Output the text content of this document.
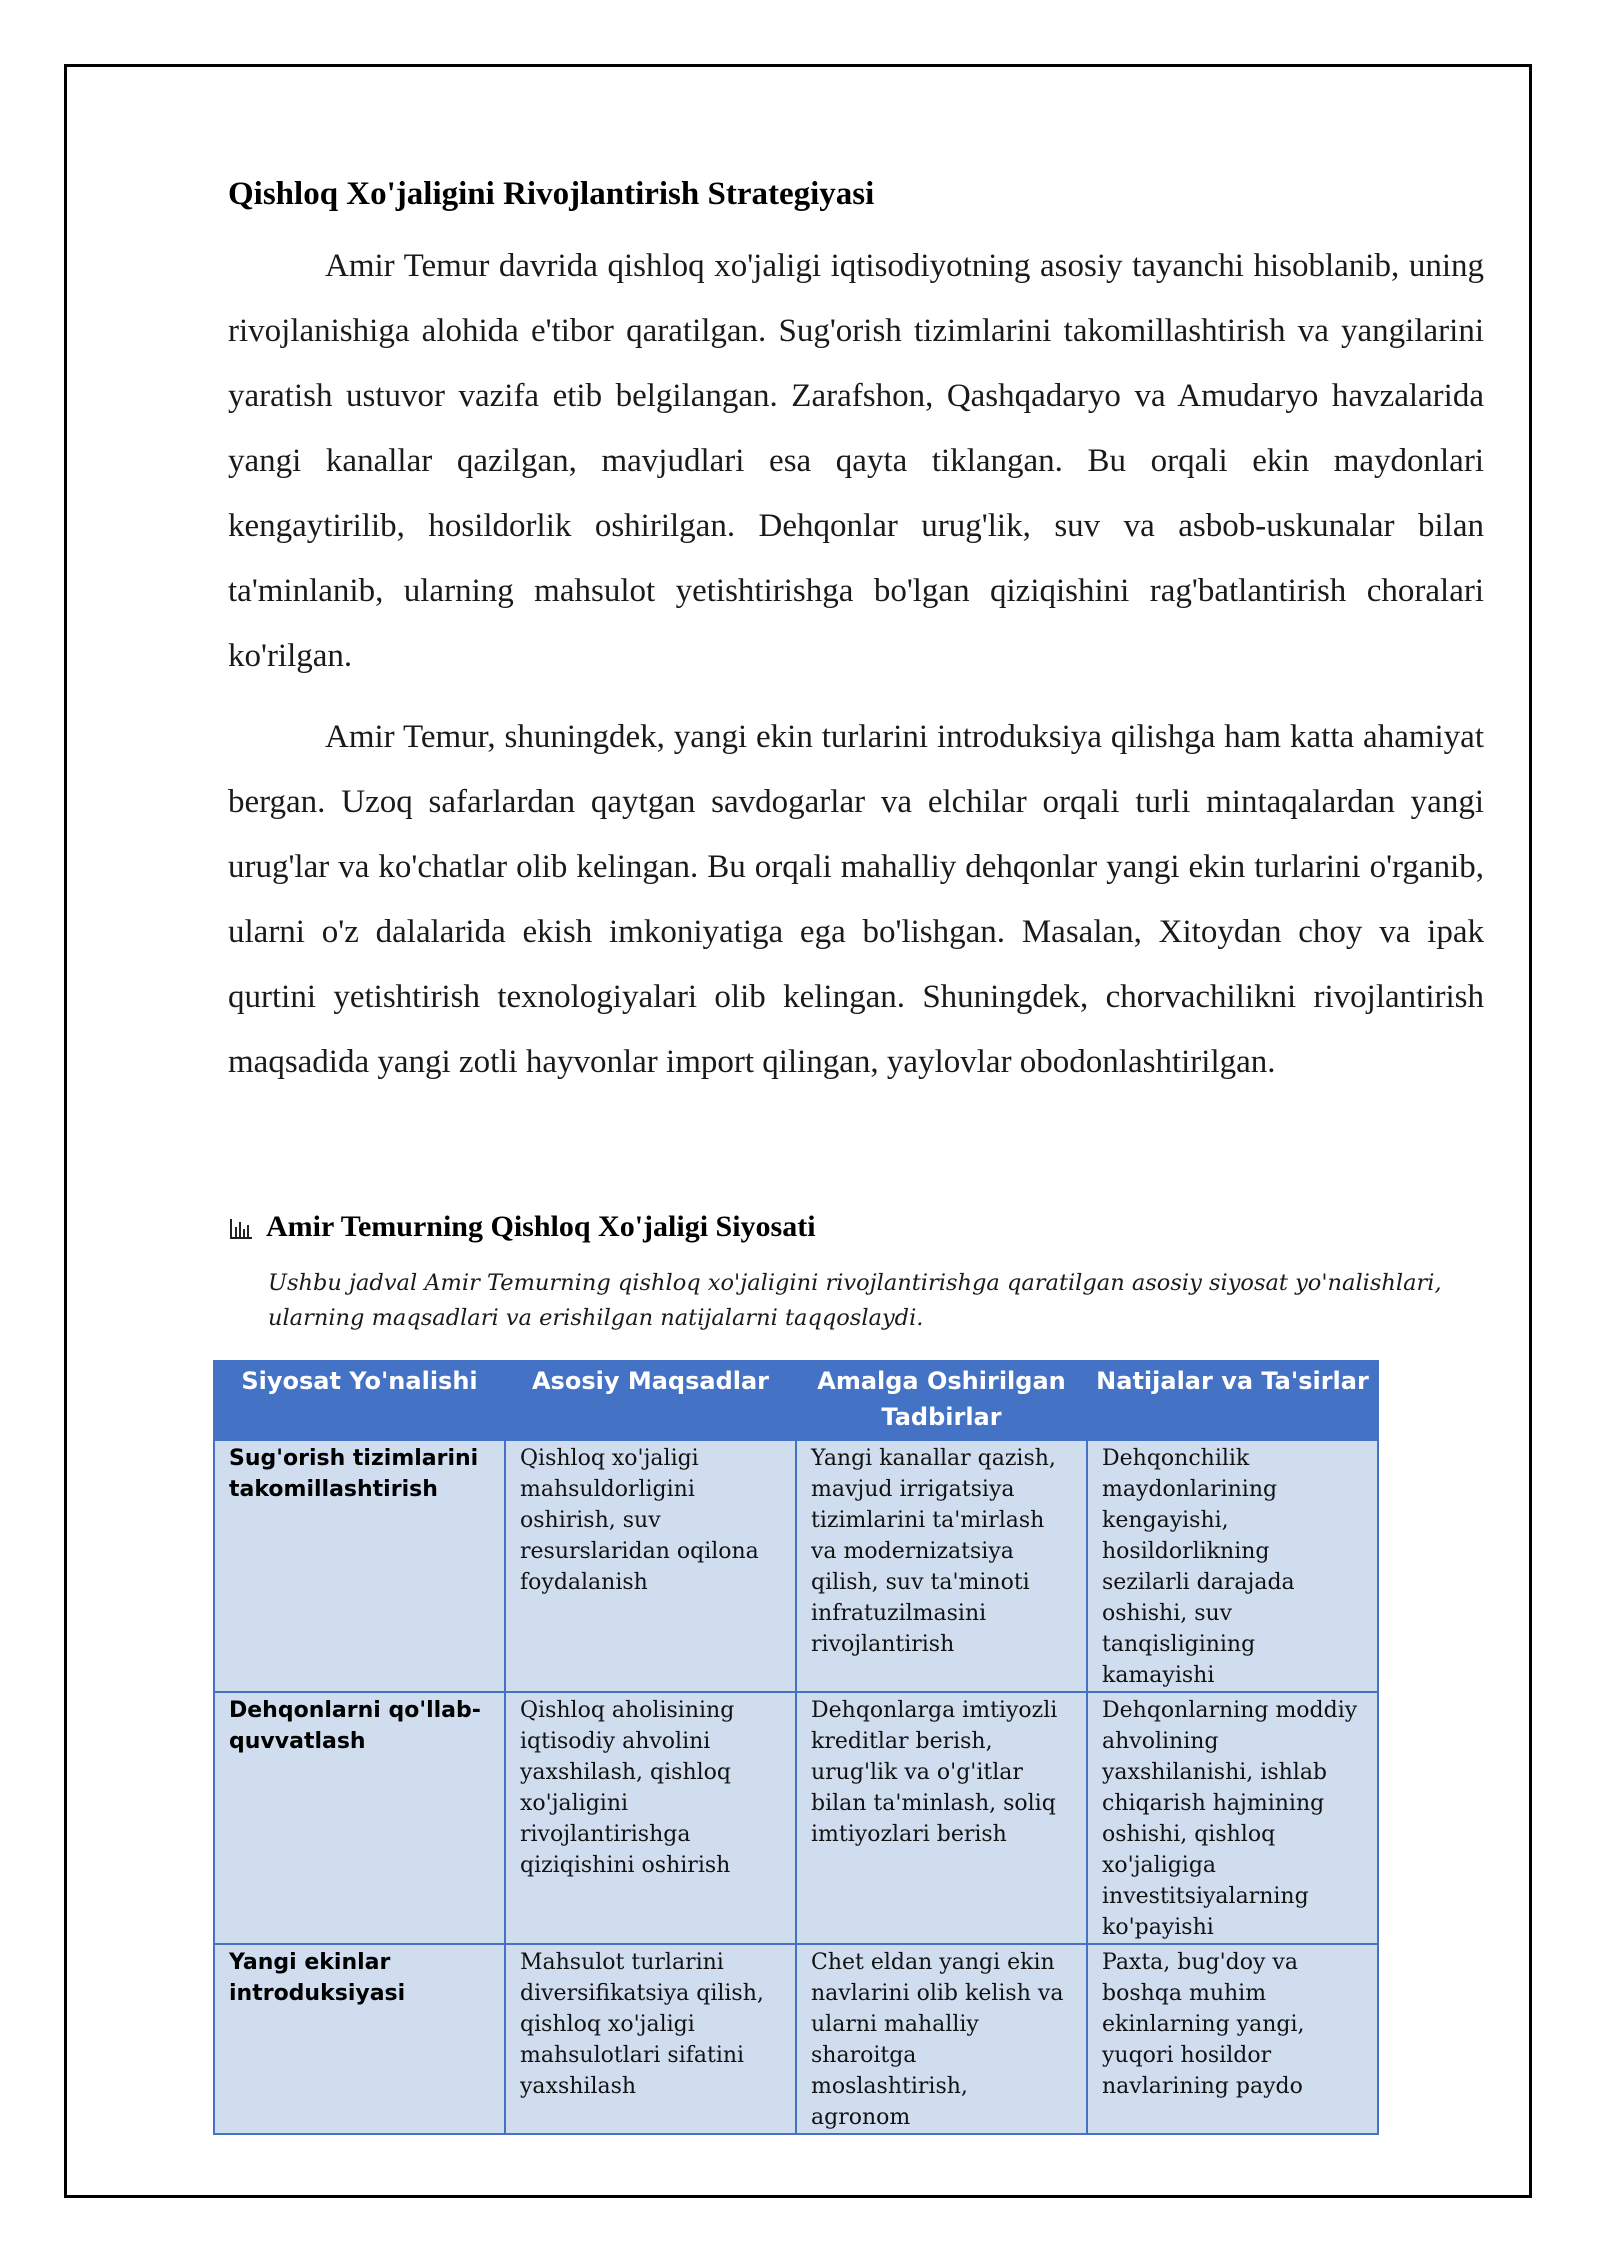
Qishloq Xo'jaligini Rivojlantirish Strategiyasi

Amir Temur davrida qishloq xo'jaligi iqtisodiyotning asosiy tayanchi hisoblanib, uning rivojlanishiga alohida e'tibor qaratilgan. Sug'orish tizimlarini takomillashtirish va yangilarini yaratish ustuvor vazifa etib belgilangan. Zarafshon, Qashqadaryo va Amudaryo havzalarida yangi kanallar qazilgan, mavjudlari esa qayta tiklangan. Bu orqali ekin maydonlari kengaytirilib, hosildorlik oshirilgan. Dehqonlar urug'lik, suv va asbob-uskunalar bilan ta'minlanib, ularning mahsulot yetishtirishga bo'lgan qiziqishini rag'batlantirish choralari ko'rilgan.

Amir Temur, shuningdek, yangi ekin turlarini introduksiya qilishga ham katta ahamiyat bergan. Uzoq safarlardan qaytgan savdogarlar va elchilar orqali turli mintaqalardan yangi urug'lar va ko'chatlar olib kelingan. Bu orqali mahalliy dehqonlar yangi ekin turlarini o'rganib, ularni o'z dalalarida ekish imkoniyatiga ega bo'lishgan. Masalan, Xitoydan choy va ipak qurtini yetishtirish texnologiyalari olib kelingan. Shuningdek, chorvachilikni rivojlantirish maqsadida yangi zotli hayvonlar import qilingan, yaylovlar obodonlashtirilgan.

Amir Temurning Qishloq Xo'jaligi Siyosati
Ushbu jadval Amir Temurning qishloq xo'jaligini rivojlantirishga qaratilgan asosiy siyosat yo'nalishlari, ularning maqsadlari va erishilgan natijalarni taqqoslaydi.
Siyosat Yo'nalishi	Asosiy Maqsadlar	Amalga Oshirilgan Tadbirlar	Natijalar va Ta'sirlar
Sug'orish tizimlarini takomillashtirish	Qishloq xo'jaligi mahsuldorligini oshirish, suv resurslaridan oqilona foydalanish	Yangi kanallar qazish, mavjud irrigatsiya tizimlarini ta'mirlash va modernizatsiya qilish, suv ta'minoti infratuzilmasini rivojlantirish	Dehqonchilik maydonlarining kengayishi, hosildorlikning sezilarli darajada oshishi, suv tanqisligining kamayishi
Dehqonlarni qo'llab-quvvatlash	Qishloq aholisining iqtisodiy ahvolini yaxshilash, qishloq xo'jaligini rivojlantirishga qiziqishini oshirish	Dehqonlarga imtiyozli kreditlar berish, urug'lik va o'g'itlar bilan ta'minlash, soliq imtiyozlari berish	Dehqonlarning moddiy ahvolining yaxshilanishi, ishlab chiqarish hajmining oshishi, qishloq xo'jaligiga investitsiyalarning ko'payishi
Yangi ekinlar introduksiyasi	Mahsulot turlarini diversifikatsiya qilish, qishloq xo'jaligi mahsulotlari sifatini yaxshilash	Chet eldan yangi ekin navlarini olib kelish va ularni mahalliy sharoitga moslashtirish, agronom	Paxta, bug'doy va boshqa muhim ekinlarning yangi, yuqori hosildor navlarining paydo
